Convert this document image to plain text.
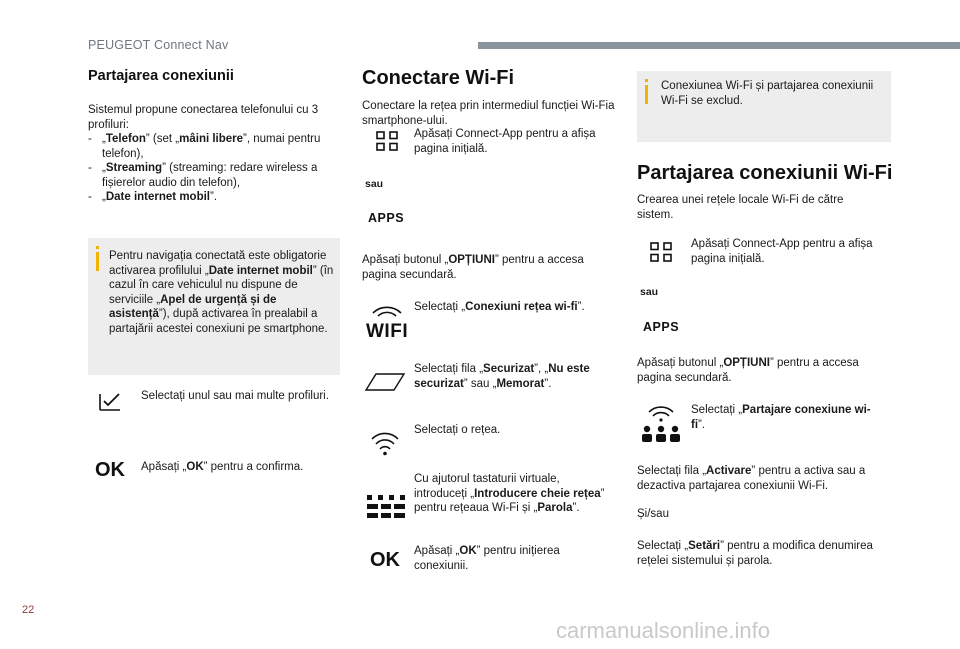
PEUGEOT Connect Nav
Partajarea conexiunii
Sistemul propune conectarea telefonului cu 3 profiluri:
- „Telefon” (set „mâini libere”, numai pentru telefon),
- „Streaming” (streaming: redare wireless a fișierelor audio din telefon),
- „Date internet mobil”.
Pentru navigația conectată este obligatorie activarea profilului „Date internet mobil” (în cazul în care vehiculul nu dispune de serviciile „Apel de urgență și de asistență”), după activarea în prealabil a partajării acestei conexiuni pe smartphone.
Selectați unul sau mai multe profiluri.
OK Apăsați „OK” pentru a confirma.
Conectare Wi-Fi
Conectare la rețea prin intermediul funcției Wi-Fia smartphone-ului.
Apăsați Connect-App pentru a afișa pagina inițială.
sau
APPS
Apăsați butonul „OPȚIUNI” pentru a accesa pagina secundară.
WIFI
Selectați „Conexiuni rețea wi-fi”.
Selectați fila „Securizat”, „Nu este securizat” sau „Memorat”.
Selectați o rețea.
Cu ajutorul tastaturii virtuale, introduceți „Introducere cheie rețea” pentru rețeaua Wi-Fi și „Parola”.
OK Apăsați „OK” pentru inițierea conexiunii.
Conexiunea Wi-Fi și partajarea conexiunii Wi-Fi se exclud.
Partajarea conexiunii Wi-Fi
Crearea unei rețele locale Wi-Fi de către sistem.
Apăsați Connect-App pentru a afișa pagina inițială.
sau
APPS
Apăsați butonul „OPȚIUNI” pentru a accesa pagina secundară.
Selectați „Partajare conexiune wi-fi”.
Selectați fila „Activare” pentru a activa sau a dezactiva partajarea conexiunii Wi-Fi.
Și/sau
Selectați „Setări” pentru a modifica denumirea rețelei sistemului și parola.
22
carmanualsonline.info
